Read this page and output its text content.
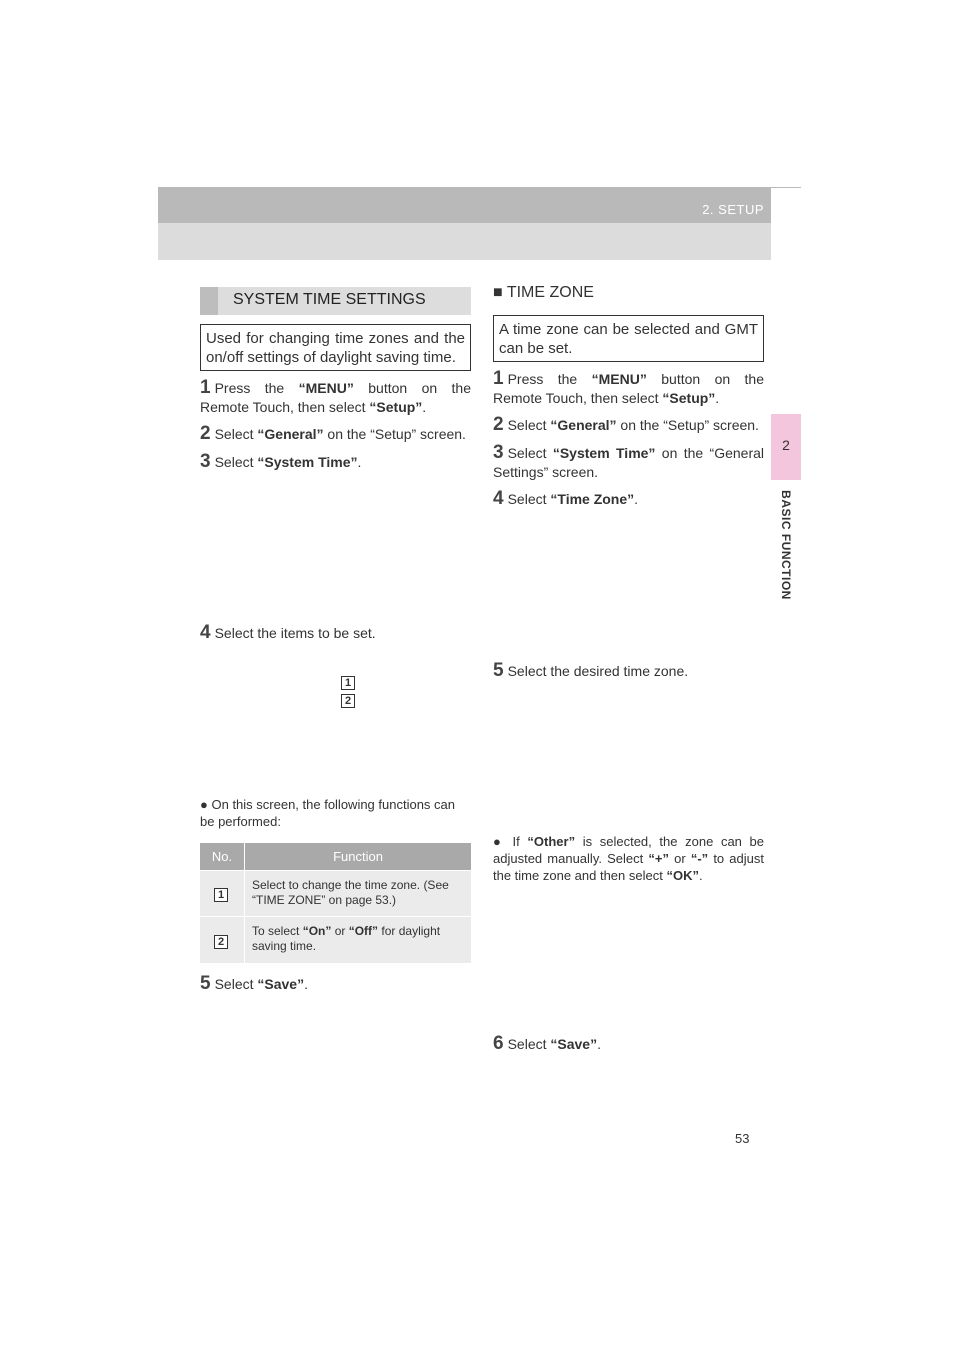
2. SETUP
2
BASIC FUNCTION
SYSTEM TIME SETTINGS
Used for changing time zones and the on/off settings of daylight saving time.
1 Press the “MENU” button on the Remote Touch, then select “Setup”.
2 Select “General” on the “Setup” screen.
3 Select “System Time”.
4 Select the items to be set.
1
2
● On this screen, the following functions can be performed:
No.	Function
1
Select to change the time zone. (See “TIME ZONE” on page 53.)
2
To select “On” or “Off” for daylight saving time.
5 Select “Save”.
■ TIME ZONE
A time zone can be selected and GMT can be set.
1 Press the “MENU” button on the Remote Touch, then select “Setup”.
2 Select “General” on the “Setup” screen.
3 Select “System Time” on the “General Settings” screen.
4 Select “Time Zone”.
5 Select the desired time zone.
● If “Other” is selected, the zone can be adjusted manually. Select “+” or “-” to adjust the time zone and then select “OK”.
6 Select “Save”.
53
